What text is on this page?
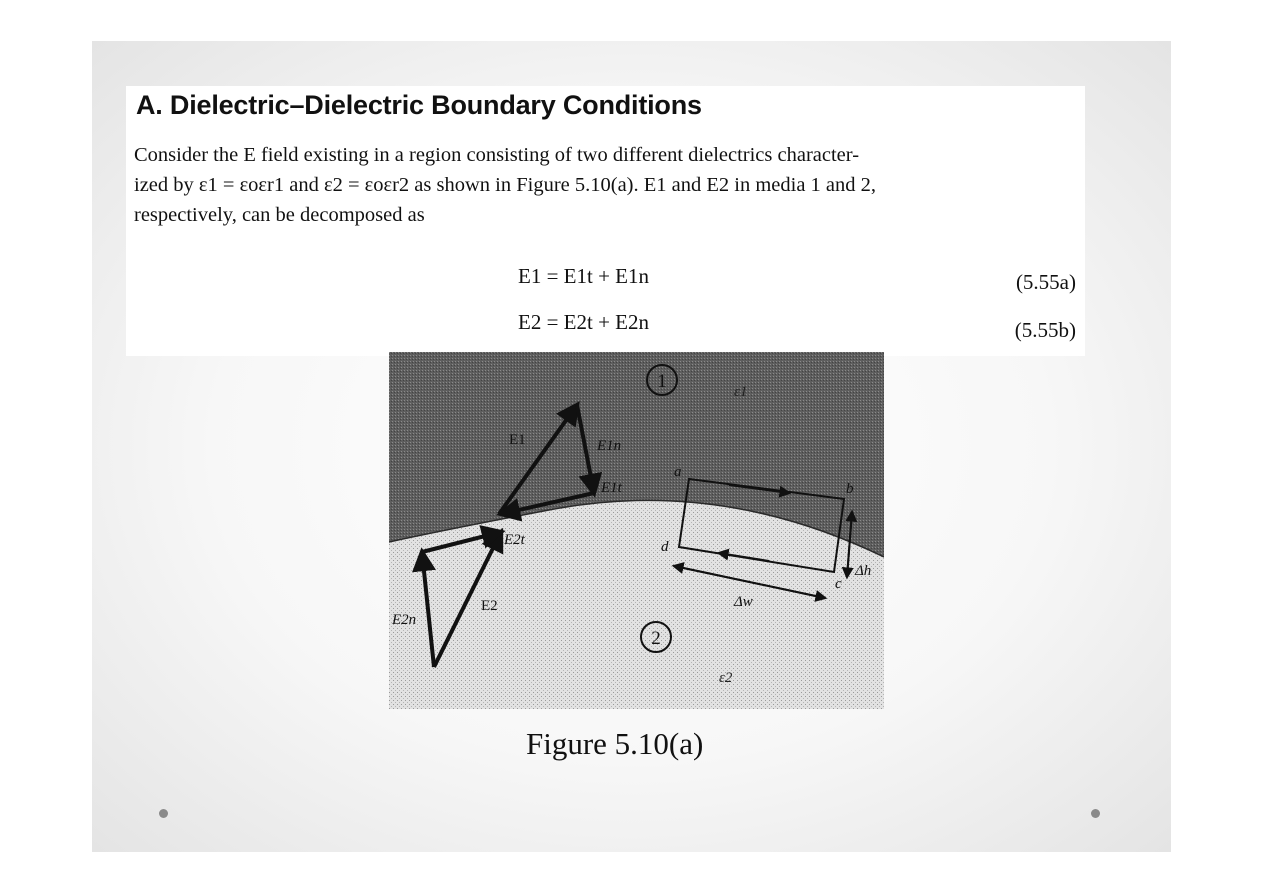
A. Dielectric–Dielectric Boundary Conditions
Consider the E field existing in a region consisting of two different dielectrics character-
ized by ε1 = εoεr1 and ε2 = εoεr2 as shown in Figure 5.10(a). E1 and E2 in media 1 and 2,
respectively, can be decomposed as
E1 = E1t + E1n	(5.55a)
E2 = E2t + E2n	(5.55b)
1	ε1
E1	E1n
E1t
E2t
E2
E2n
a
b
c
d
Δh
Δw
2
ε2

Figure 5.10(a)
